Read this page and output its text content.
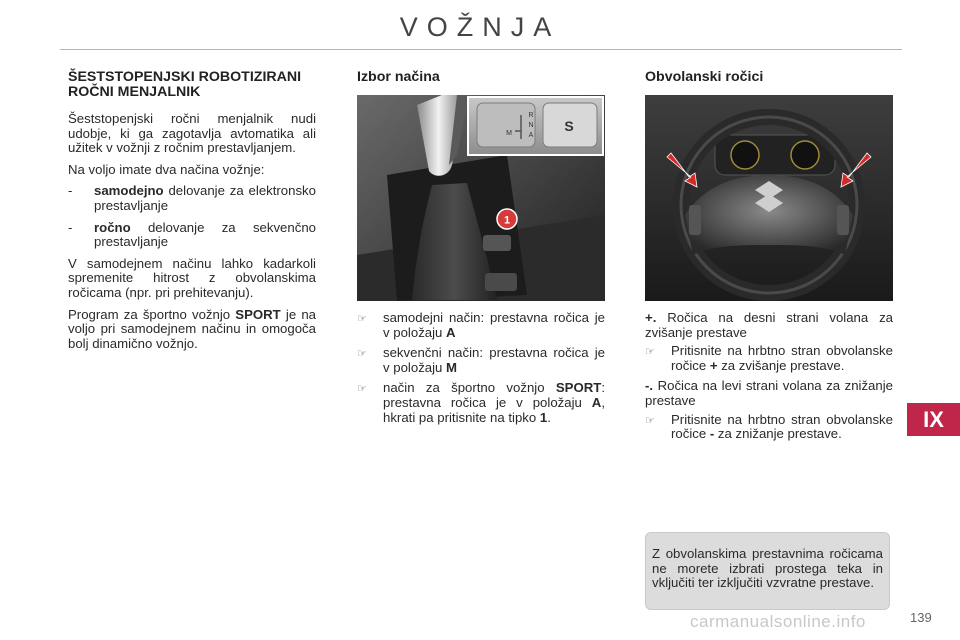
VOŽNJA
ŠESTSTOPENJSKI ROBOTIZIRANI ROČNI MENJALNIK

Šeststopenjski ročni menjalnik nudi udobje, ki ga zagotavlja avtomatika ali užitek v vožnji z ročnim prestavljanjem.

Na voljo imate dva načina vožnje:

-	samodejno delovanje za elektronsko prestavljanje
-	ročno delovanje za sekvenčno prestavljanje

V samodejnem načinu lahko kadarkoli spremenite hitrost z obvolanskima ročicama (npr. pri prehitevanju).

Program za športno vožnjo SPORT je na voljo pri samodejnem načinu in omogoča bolj dinamično vožnjo.

Izbor načina
1
S
R
N
A
M
☞	samodejni način: prestavna ročica je v položaju A
☞	sekvenčni način: prestavna ročica je v položaju M
☞	način za športno vožnjo SPORT: prestavna ročica je v položaju A, hkrati pa pritisnite na tipko 1.
Obvolanski ročici
+. Ročica na desni strani volana za zvišanje prestave
☞	Pritisnite na hrbtno stran obvolanske ročice + za zvišanje prestave.
-. Ročica na levi strani volana za znižanje prestave
☞	Pritisnite na hrbtno stran obvolanske ročice - za znižanje prestave.
Z obvolanskima prestavnima ročicama ne morete izbrati prostega teka in vključiti ter izključiti vzvratne prestave.
IX
carmanualsonline.info	139
